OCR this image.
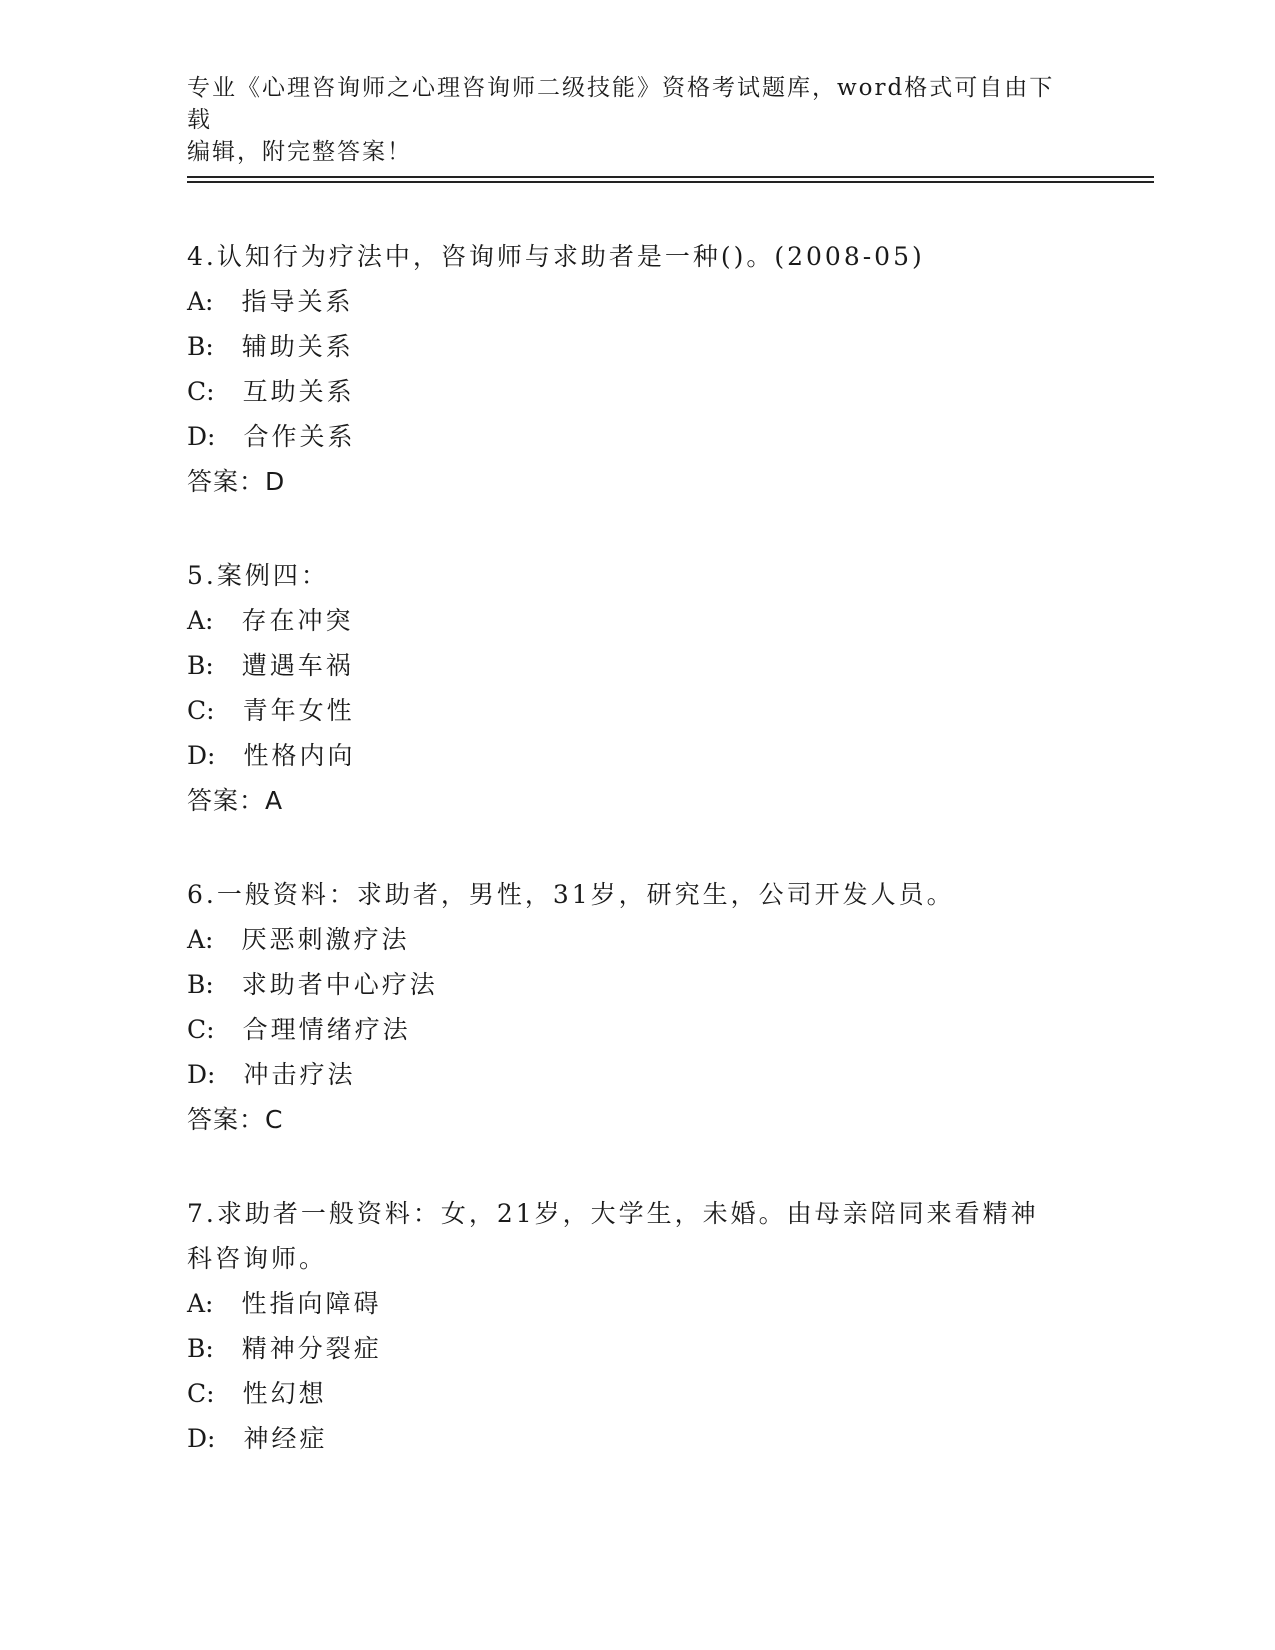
专业《心理咨询师之心理咨询师二级技能》资格考试题库，word格式可自由下载
编辑，附完整答案！
4.认知行为疗法中，咨询师与求助者是一种()。(2008-05)
A: 指导关系
B: 辅助关系
C: 互助关系
D: 合作关系
答案：D
5.案例四：
A: 存在冲突
B: 遭遇车祸
C: 青年女性
D: 性格内向
答案：A
6.一般资料：求助者，男性，31岁，研究生，公司开发人员。
A: 厌恶刺激疗法
B: 求助者中心疗法
C: 合理情绪疗法
D: 冲击疗法
答案：C
7.求助者一般资料：女，21岁，大学生，未婚。由母亲陪同来看精神
科咨询师。
A: 性指向障碍
B: 精神分裂症
C: 性幻想
D: 神经症
